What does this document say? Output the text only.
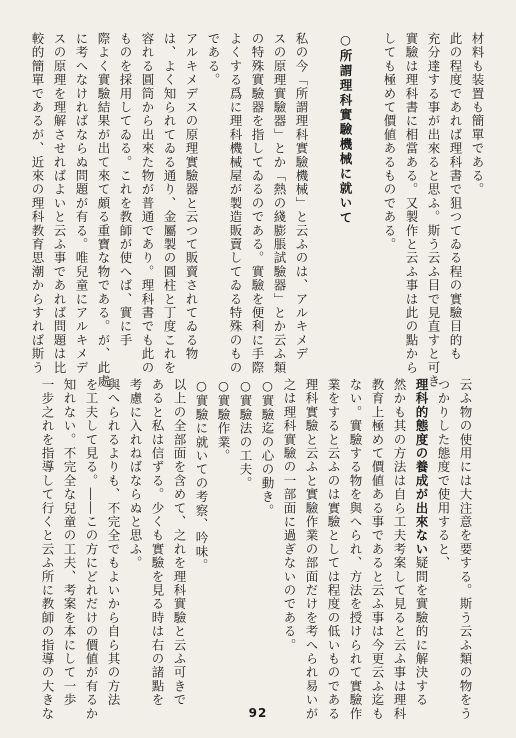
材料も装置も簡單である。
此の程度であれば理科書で狙つてゐる程の實驗目的も
充分達する事が出來ると思ふ。斯う云ふ目で見直すと可き
實驗は理科書に相當ある。又製作と云ふ事は此の點から
しても極めて價値あるものである。

○所謂理科實驗機械に就いて

私の今「所謂理科實驗機械」と云ふのは、アルキメデ
スの原理實驗器」とか「熱の綫膨脹試驗器」とか云ふ類
の特殊實驗器を指してゐるのである。實驗を便利に手際
よくする爲に理科機械屋が製造販賣してゐる特殊のもの
である。
アルキメデスの原理實驗器と云つて販賣されてゐる物
は、よく知られてゐる通り、金屬製の圓柱と丁度これを
容れる圓筒から出來た物が普通であり。理科書でも此の
ものを採用してゐる。これを教師が使へば、實に手
際よく實驗結果が出て來て頗る重寶な物である。が、此處
に考へなければならぬ問題が有る。唯兒童にアルキメデ
スの原理を理解させればよいと云ふ事であれば問題は比
較的簡單であるが、近來の理科教育思潮からすれば斯う
云ふ物の使用には大注意を要する。斯う云ふ類の物をう
つかりした態度で使用すると、
理科的態度の養成が出來ない疑問を實驗的に解決する
然かも其の方法は自ら工夫考案して見ると云ふ事は理科
教育上極めて價値ある事であると云ふ事は今更云ふ迄も
ない。實驗する物を與へられ、方法を授けられて實驗作
業をすると云ふのは實驗としては程度の低いものである
理科實驗と云ふと實驗作業の部面だけを考へられ易いが
之は理科實驗の一部面に過ぎないのである。
○實驗迄の心の動き。
○實驗法の工夫。
○實驗作業。
○實驗に就いての考察、吟味。
以上の全部面を含めて、之れを理科實驗と云ふ可きで
あると私は信ずる。少くも實驗を見る時は右の諸點を
考慮に入れねばならぬと思ふ。
與へられるよりも、不完全でもよいから自ら其の方法
を工夫して見る。――この方にどれだけの價値が有るか
知れない。不完全な兒童の工夫、考案を本にして一歩
一步之れを指導して行くと云ふ所に教師の指導の大きな	92
